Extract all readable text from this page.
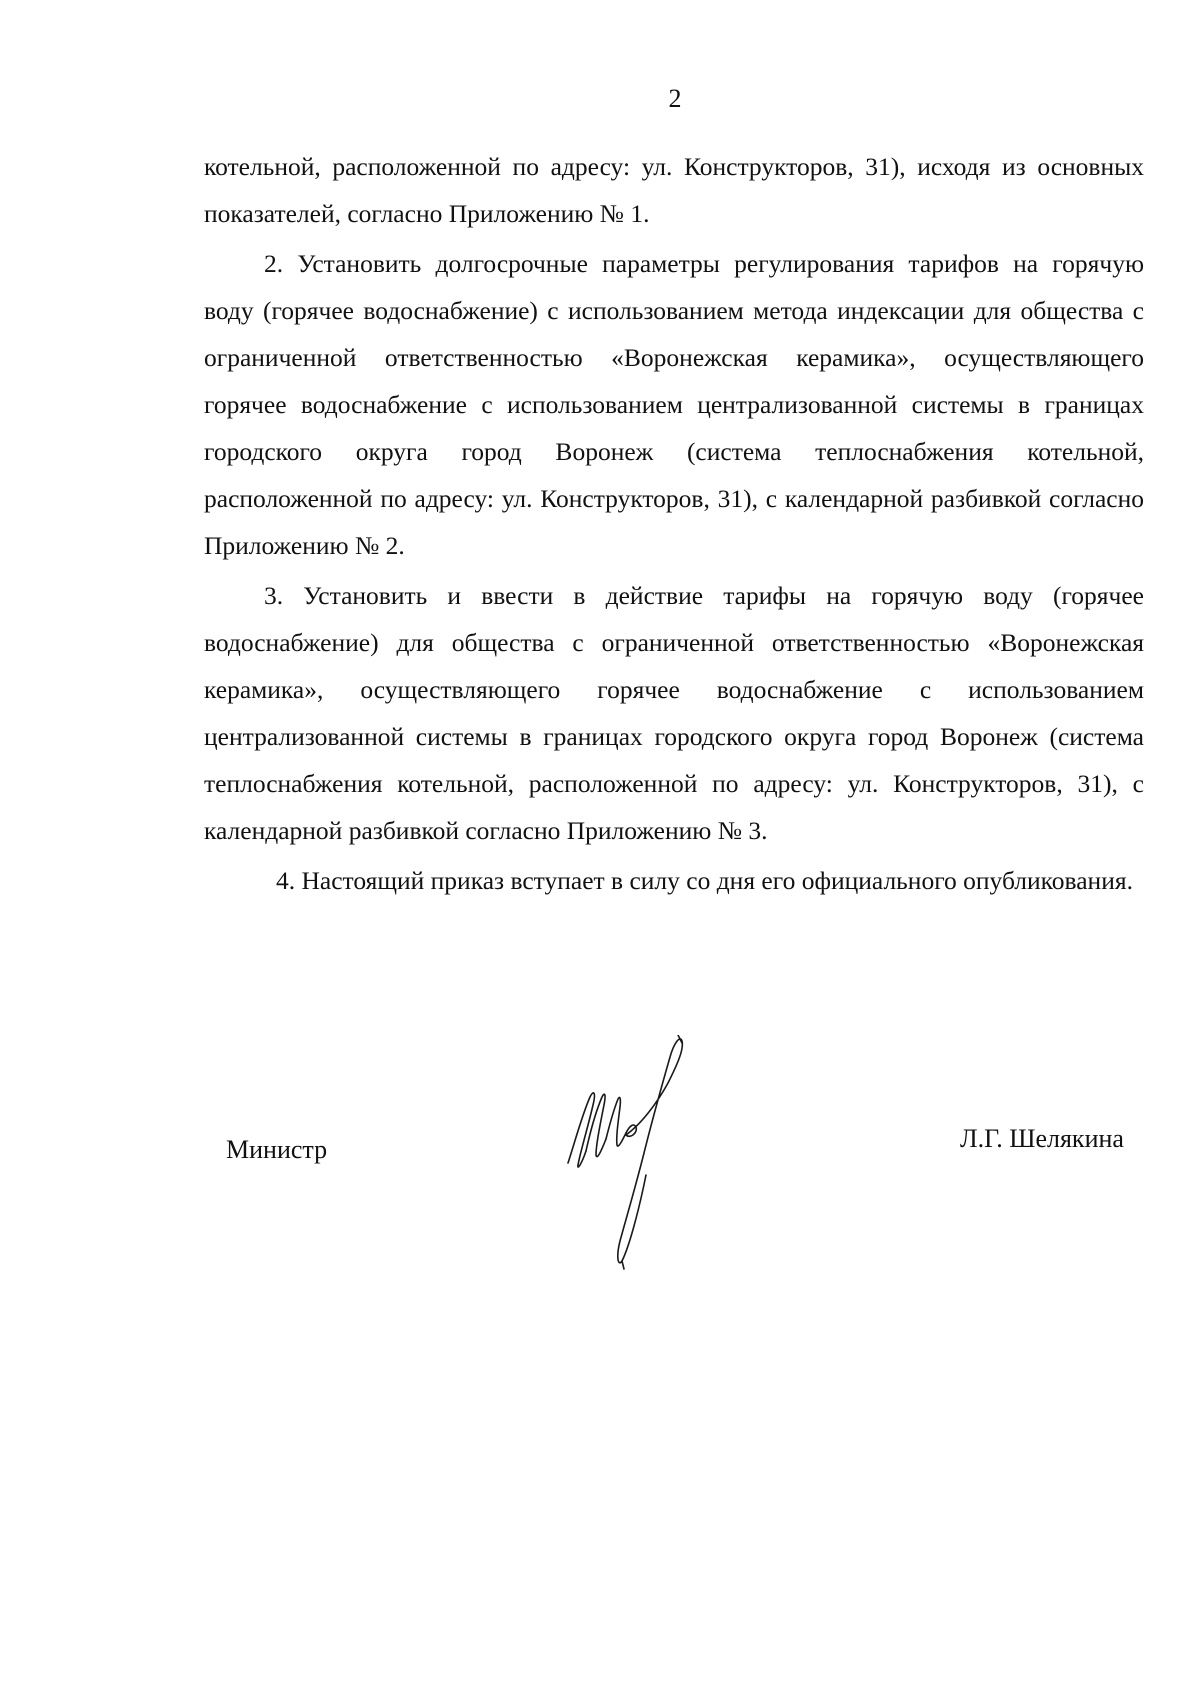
2

котельной, расположенной по адресу: ул. Конструкторов, 31), исходя из основных показателей, согласно Приложению № 1.

2. Установить долгосрочные параметры регулирования тарифов на горячую воду (горячее водоснабжение) с использованием метода индексации для общества с ограниченной ответственностью «Воронежская керамика», осуществляющего горячее водоснабжение с использованием централизованной системы в границах городского округа город Воронеж (система теплоснабжения котельной, расположенной по адресу: ул. Конструкторов, 31), с календарной разбивкой согласно Приложению № 2.

3. Установить и ввести в действие тарифы на горячую воду (горячее водоснабжение) для общества с ограниченной ответственностью «Воронежская керамика», осуществляющего горячее водоснабжение с использованием централизованной системы в границах городского округа город Воронеж (система теплоснабжения котельной, расположенной по адресу: ул. Конструкторов, 31), с календарной разбивкой согласно Приложению № 3.

4. Настоящий приказ вступает в силу со дня его официального опубликования.

Министр	Л.Г. Шелякина
